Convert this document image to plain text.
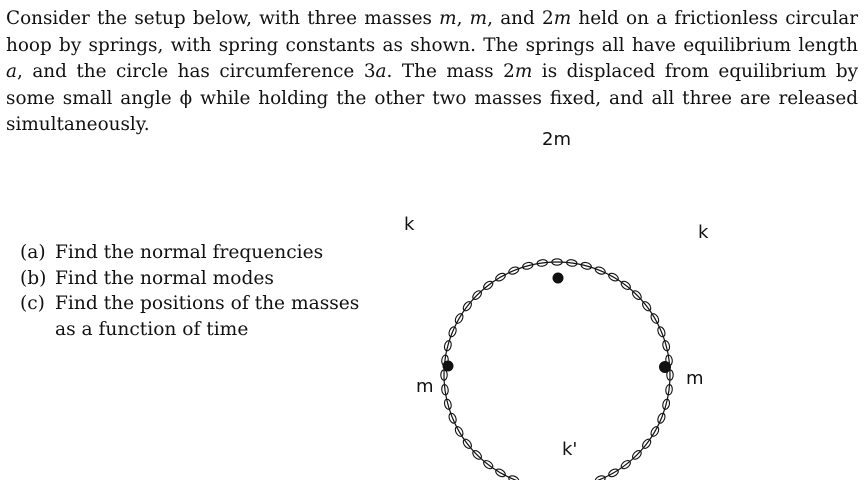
Consider the setup below, with three masses m, m, and 2m held on a frictionless circular hoop by springs, with spring constants as shown. The springs all have equilibrium length a, and the circle has circumference 3a. The mass 2m is displaced from equilibrium by some small angle ϕ while holding the other two masses fixed, and all three are released simultaneously.
(a) Find the normal frequencies
(b) Find the normal modes
(c) Find the positions of the masses as a function of time
2m
m	m
k	k
k'
